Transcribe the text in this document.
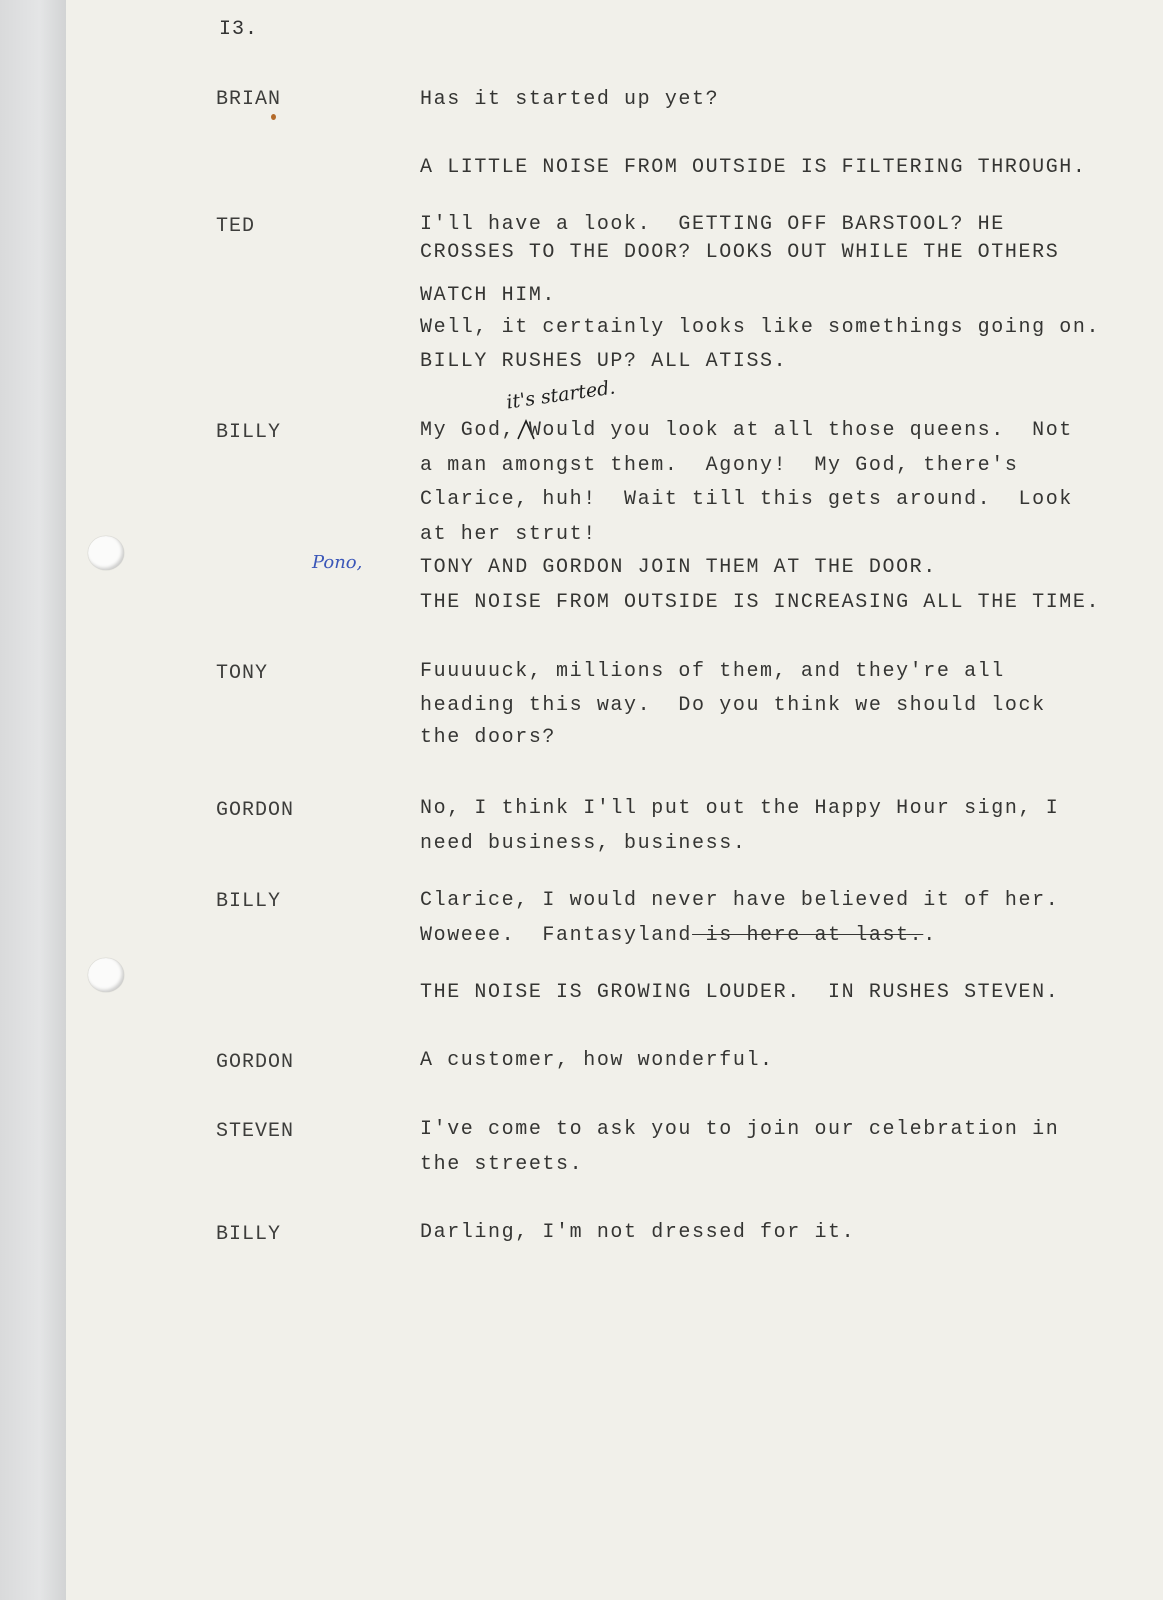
I3.
BRIAN	Has it started up yet?
A LITTLE NOISE FROM OUTSIDE IS FILTERING THROUGH.
TED	I'll have a look.  GETTING OFF BARSTOOL? HE
CROSSES TO THE DOOR? LOOKS OUT WHILE THE OTHERS
WATCH HIM.
Well, it certainly looks like somethings going on.
BILLY RUSHES UP? ALL ATISS.
it's started.
BILLY	My God, Would you look at all those queens.  Not
a man amongst them.  Agony!  My God, there's
Clarice, huh!  Wait till this gets around.  Look
at her strut!
Pono,	TONY AND GORDON JOIN THEM AT THE DOOR.
THE NOISE FROM OUTSIDE IS INCREASING ALL THE TIME.
TONY	Fuuuuuck, millions of them, and they're all
heading this way.  Do you think we should lock
the doors?
GORDON	No, I think I'll put out the Happy Hour sign, I
need business, business.
BILLY	Clarice, I would never have believed it of her.
Woweee.  Fantasyland is here at last..
THE NOISE IS GROWING LOUDER.  IN RUSHES STEVEN.
GORDON	A customer, how wonderful.
STEVEN	I've come to ask you to join our celebration in
the streets.
BILLY	Darling, I'm not dressed for it.
